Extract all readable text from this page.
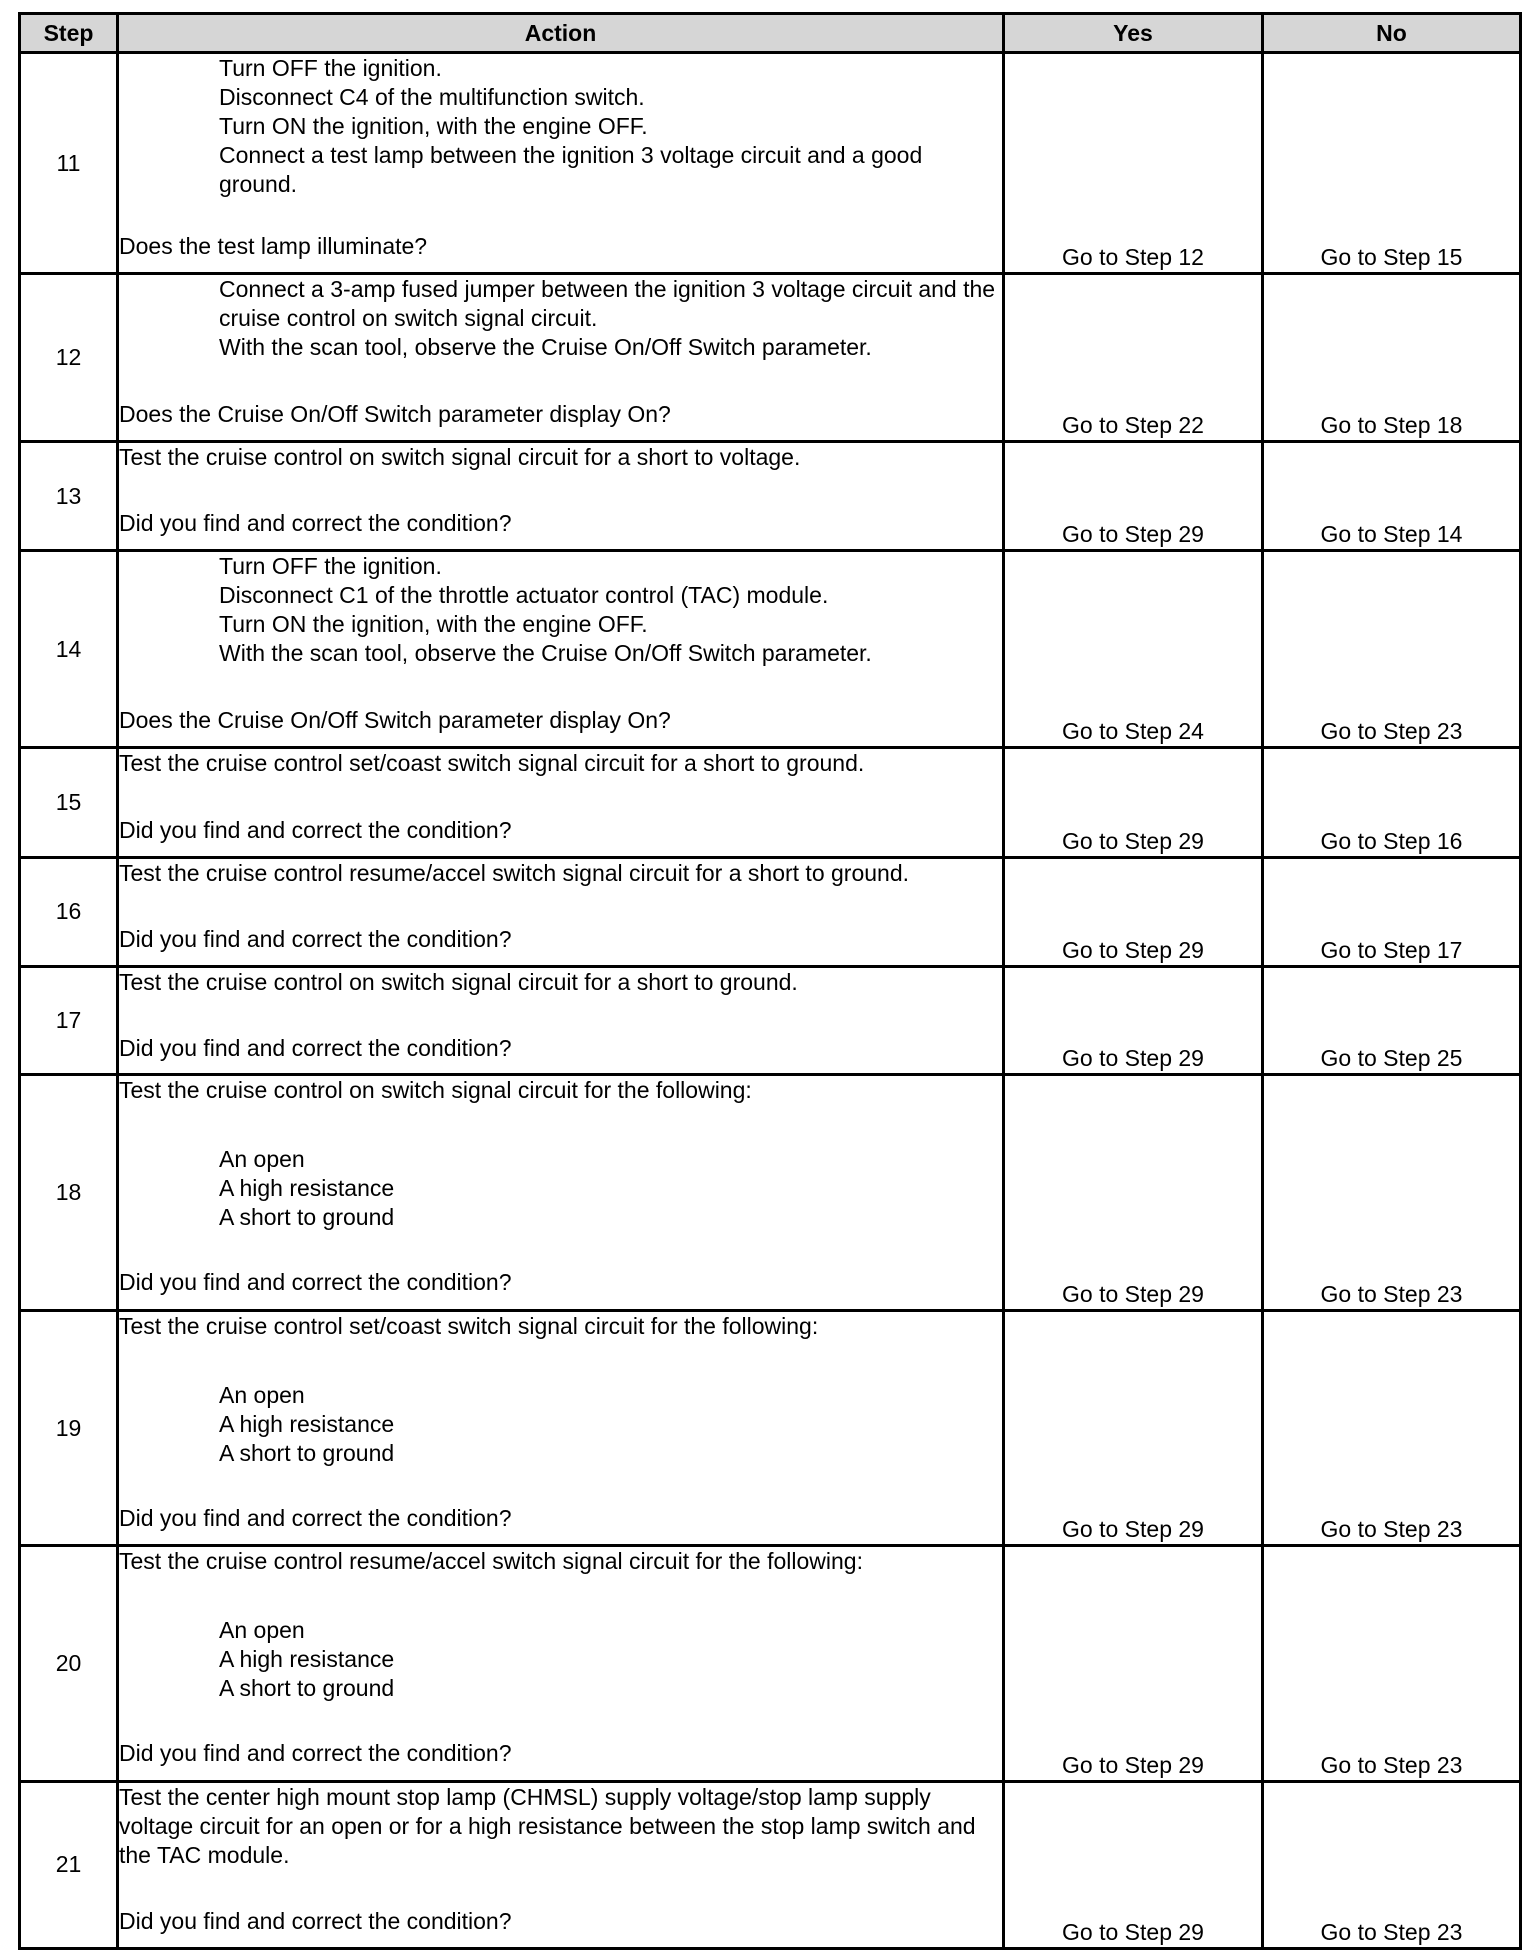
Step	Action	Yes	No
11	Turn OFF the ignition.
Disconnect C4 of the multifunction switch.
Turn ON the ignition, with the engine OFF.
Connect a test lamp between the ignition 3 voltage circuit and a good ground.
Does the test lamp illuminate?	Go to Step 12	Go to Step 15
12	Connect a 3-amp fused jumper between the ignition 3 voltage circuit and the cruise control on switch signal circuit.
With the scan tool, observe the Cruise On/Off Switch parameter.
Does the Cruise On/Off Switch parameter display On?	Go to Step 22	Go to Step 18
13	Test the cruise control on switch signal circuit for a short to voltage.
Did you find and correct the condition?	Go to Step 29	Go to Step 14
14	Turn OFF the ignition.
Disconnect C1 of the throttle actuator control (TAC) module.
Turn ON the ignition, with the engine OFF.
With the scan tool, observe the Cruise On/Off Switch parameter.
Does the Cruise On/Off Switch parameter display On?	Go to Step 24	Go to Step 23
15	Test the cruise control set/coast switch signal circuit for a short to ground.
Did you find and correct the condition?	Go to Step 29	Go to Step 16
16	Test the cruise control resume/accel switch signal circuit for a short to ground.
Did you find and correct the condition?	Go to Step 29	Go to Step 17
17	Test the cruise control on switch signal circuit for a short to ground.
Did you find and correct the condition?	Go to Step 29	Go to Step 25
18	Test the cruise control on switch signal circuit for the following:
An open
A high resistance
A short to ground
Did you find and correct the condition?	Go to Step 29	Go to Step 23
19	Test the cruise control set/coast switch signal circuit for the following:
An open
A high resistance
A short to ground
Did you find and correct the condition?	Go to Step 29	Go to Step 23
20	Test the cruise control resume/accel switch signal circuit for the following:
An open
A high resistance
A short to ground
Did you find and correct the condition?	Go to Step 29	Go to Step 23
21	Test the center high mount stop lamp (CHMSL) supply voltage/stop lamp supply voltage circuit for an open or for a high resistance between the stop lamp switch and the TAC module.
Did you find and correct the condition?	Go to Step 29	Go to Step 23
